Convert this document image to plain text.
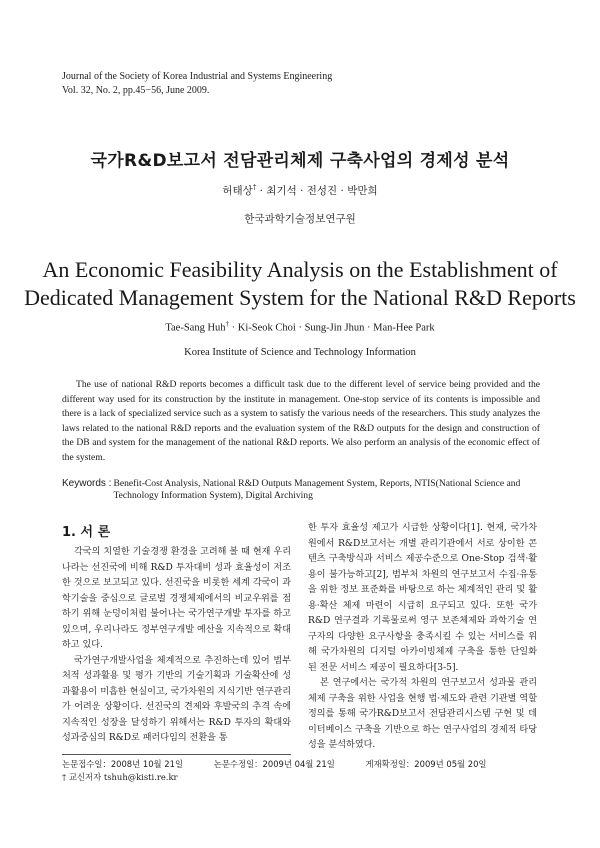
Journal of the Society of Korea Industrial and Systems Engineering
Vol. 32, No. 2, pp.45−56, June 2009.
국가R&D보고서 전담관리체제 구축사업의 경제성 분석
허태상† · 최기석 · 전성진 · 박만희
한국과학기술정보연구원
An Economic Feasibility Analysis on the Establishment of
Dedicated Management System for the National R&D Reports
Tae-Sang Huh† · Ki-Seok Choi · Sung-Jin Jhun · Man-Hee Park
Korea Institute of Science and Technology Information
The use of national R&D reports becomes a difficult task due to the different level of service being provided and the different way used for its construction by the institute in management. One-stop service of its contents is impossible and there is a lack of specialized service such as a system to satisfy the various needs of the researchers. This study analyzes the laws related to the national R&D reports and the evaluation system of the R&D outputs for the design and construction of the DB and system for the management of the national R&D reports. We also perform an analysis of the economic effect of the system.
Keywords : Benefit-Cost Analysis, National R&D Outputs Management System, Reports, NTIS(National Science and Technology Information System), Digital Archiving
1. 서 론

각국의 치열한 기술경쟁 환경을 고려해 볼 때 현재 우리나라는 선진국에 비해 R&D 투자대비 성과 효율성이 저조한 것으로 보고되고 있다. 선진국을 비롯한 세계 각국이 과학기술을 중심으로 글로벌 경쟁체제에서의 비교우위를 점하기 위해 눈덩이처럼 불어나는 국가연구개발 투자를 하고 있으며, 우리나라도 정부연구개발 예산을 지속적으로 확대하고 있다.

국가연구개발사업을 체계적으로 추진하는데 있어 범부처적 성과활용 및 평가 기반의 기술기획과 기술확산에 성과활용이 미흡한 현실이고, 국가차원의 지식기반 연구관리가 어려운 상황이다. 선진국의 견제와 후발국의 추격 속에 지속적인 성장을 달성하기 위해서는 R&D 투자의 확대와 성과중심의 R&D로 패러다임의 전환을 통

한 투자 효율성 제고가 시급한 상황이다[1]. 현재, 국가차원에서 R&D보고서는 개별 관리기관에서 서로 상이한 콘텐츠 구축방식과 서비스 제공수준으로 One-Stop 검색·활용이 불가능하고[2], 범부처 차원의 연구보고서 수집·유통을 위한 정보 표준화를 바탕으로 하는 체계적인 관리 및 활용·확산 체제 마련이 시급히 요구되고 있다. 또한 국가R&D 연구결과 기록물로써 영구 보존체제와 과학기술 연구자의 다양한 요구사항을 충족시킬 수 있는 서비스를 위해 국가차원의 디지털 아카이빙체제 구축을 통한 단일화 된 전문 서비스 제공이 필요하다[3-5].

본 연구에서는 국가적 차원의 연구보고서 성과물 관리체제 구축을 위한 사업을 현행 법·제도와 관련 기관별 역할 정의를 통해 국가R&D보고서 전담관리시스템 구현 및 데이터베이스 구축을 기반으로 하는 연구사업의 경제적 타당성을 분석하였다.

논문접수일：2008년 10월 21일	논문수정일：2009년 04월 21일	게재확정일：2009년 05월 20일
† 교신저자 tshuh@kisti.re.kr
